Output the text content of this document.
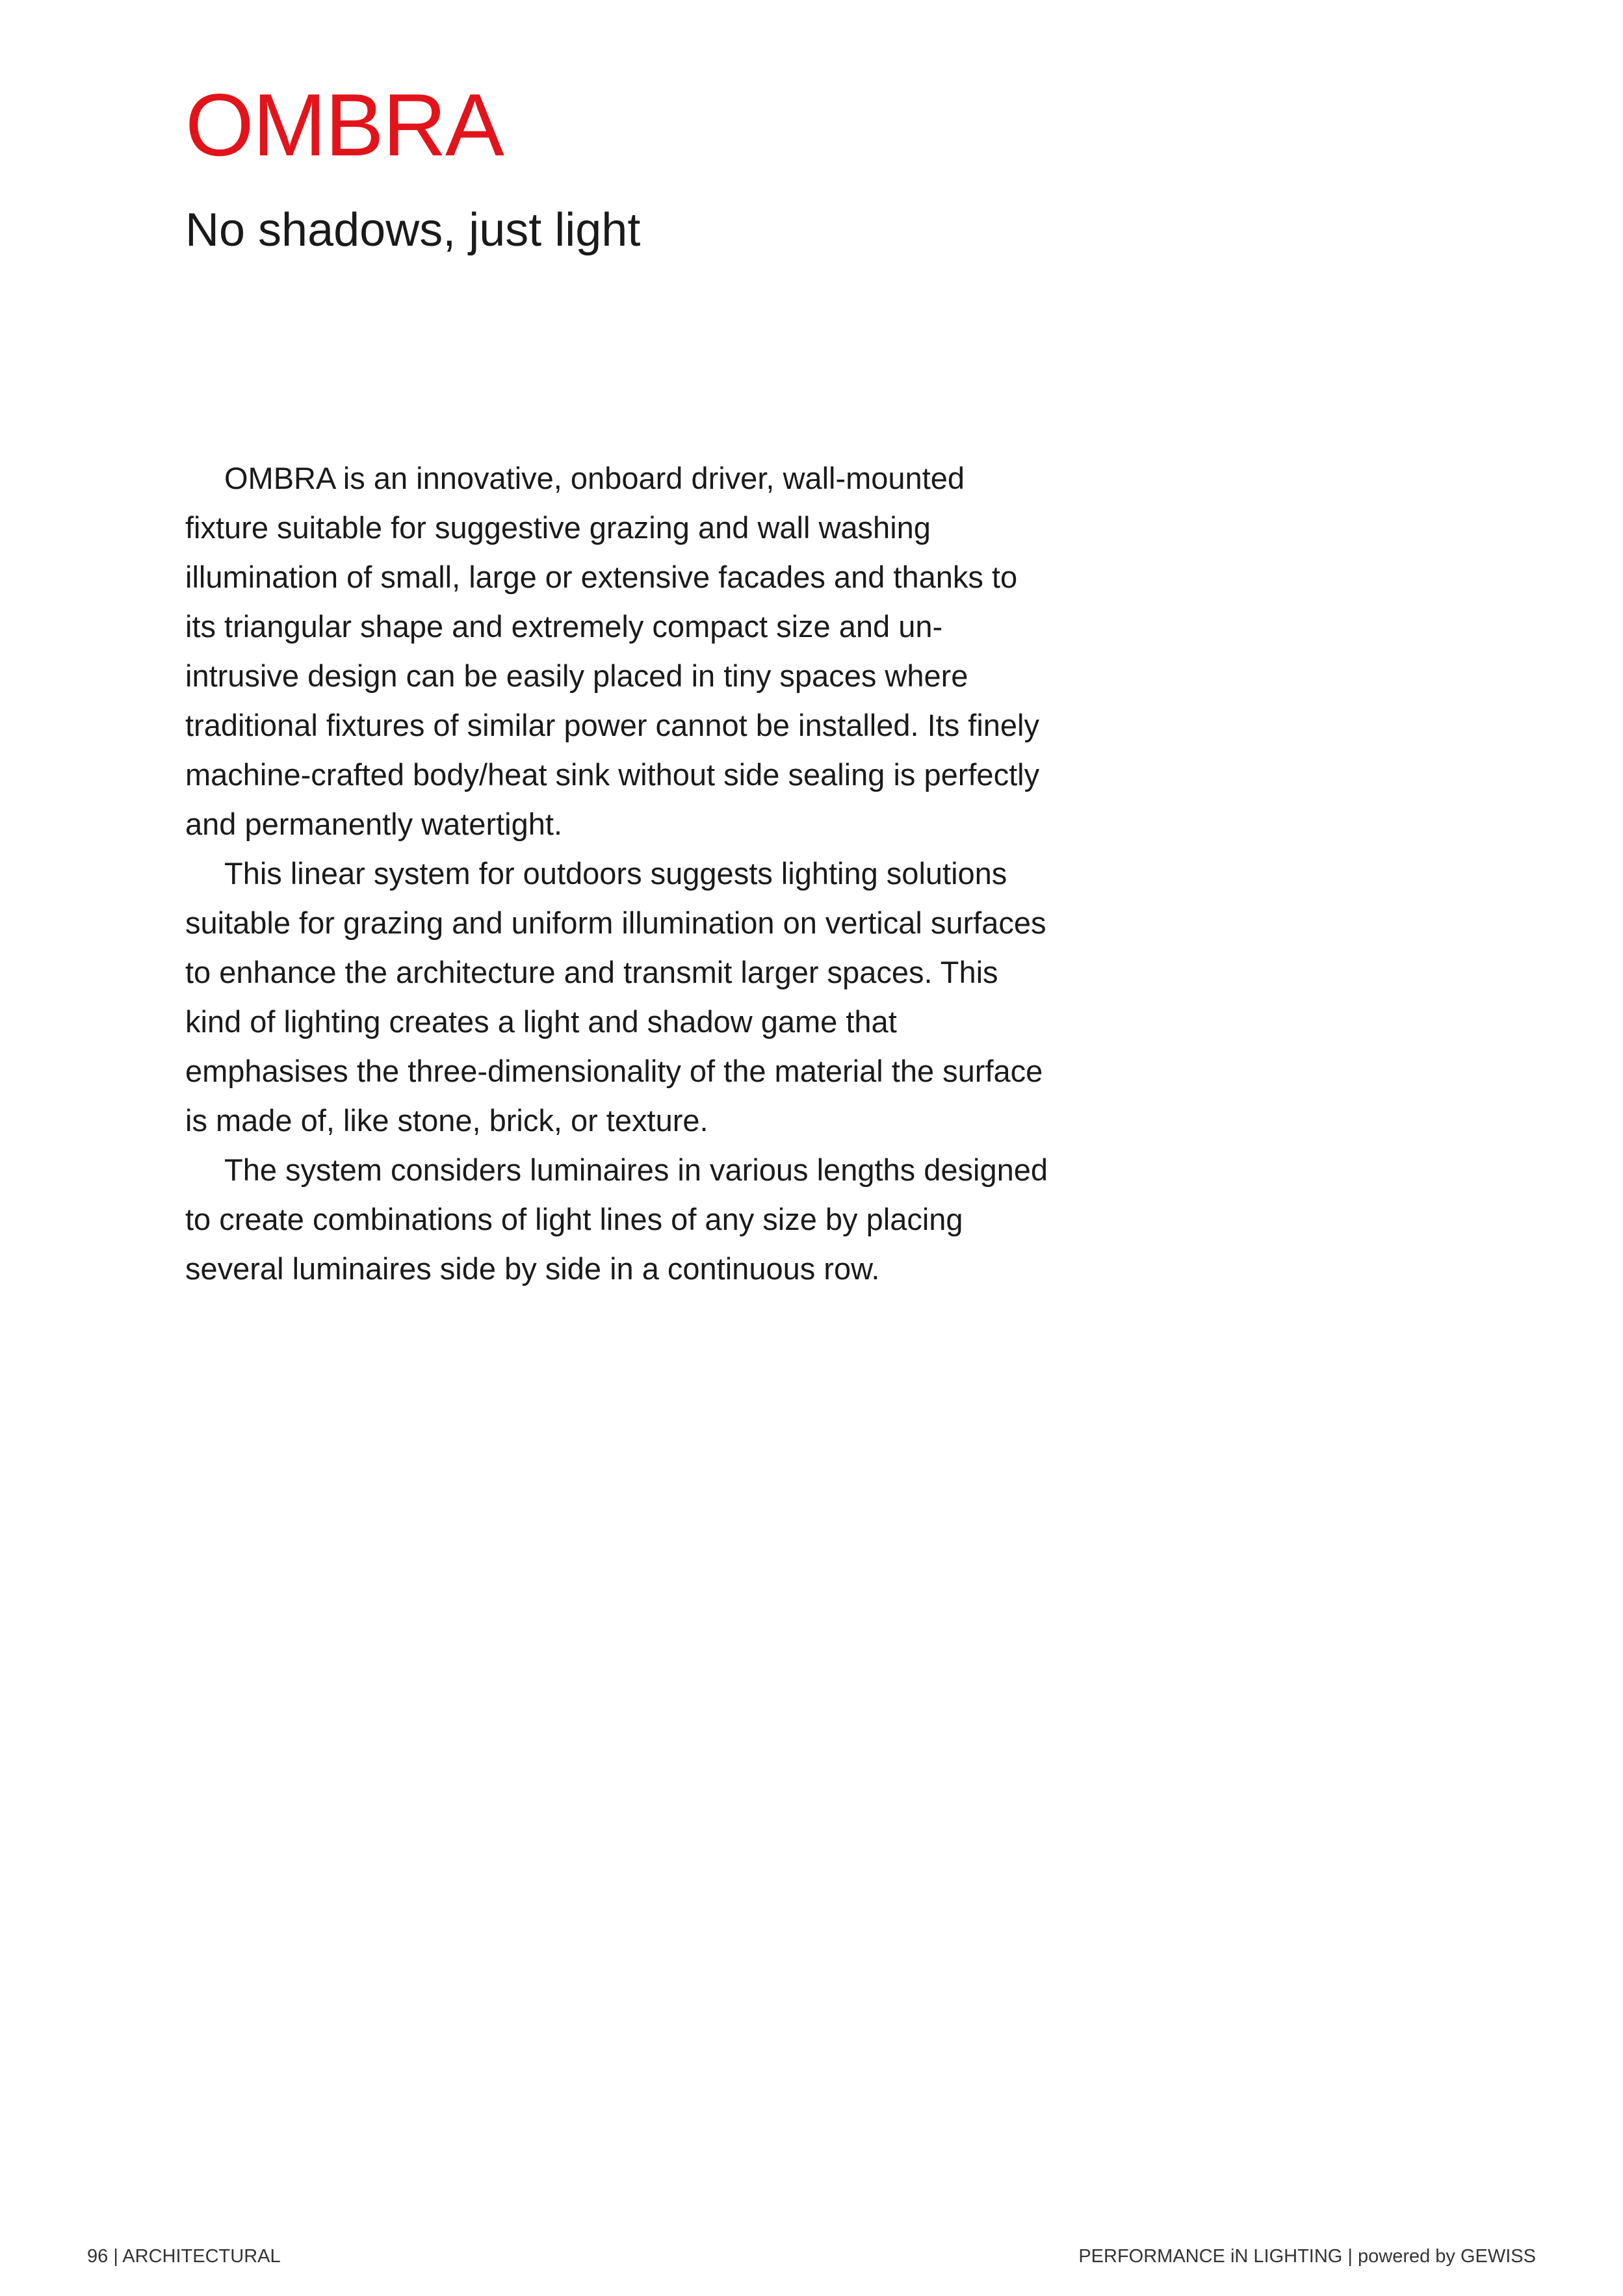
OMBRA
No shadows, just light

OMBRA is an innovative, onboard driver, wall-mounted fixture suitable for suggestive grazing and wall washing illumination of small, large or extensive facades and thanks to its triangular shape and extremely compact size and un-intrusive design can be easily placed in tiny spaces where traditional fixtures of similar power cannot be installed. Its finely machine-crafted body/heat sink without side sealing is perfectly and permanently watertight.

This linear system for outdoors suggests lighting solutions suitable for grazing and uniform illumination on vertical surfaces to enhance the architecture and transmit larger spaces. This kind of lighting creates a light and shadow game that emphasises the three-dimensionality of the material the surface is made of, like stone, brick, or texture.

The system considers luminaires in various lengths designed to create combinations of light lines of any size by placing several luminaires side by side in a continuous row.

96 | ARCHITECTURAL	PERFORMANCE iN LIGHTING | powered by GEWISS
